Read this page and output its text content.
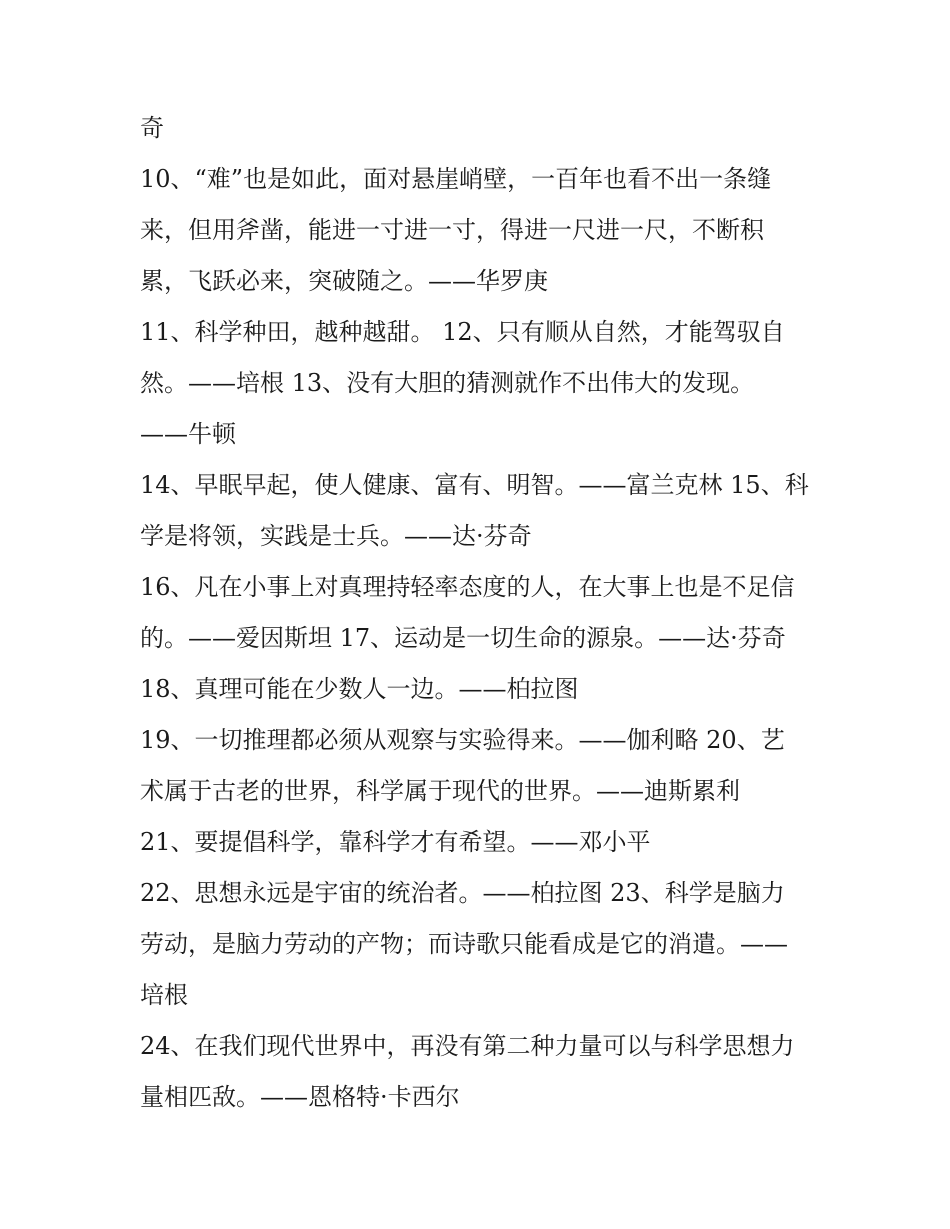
奇
10、“难”也是如此，面对悬崖峭壁，一百年也看不出一条缝
来，但用斧凿，能进一寸进一寸，得进一尺进一尺，不断积
累，飞跃必来，突破随之。——华罗庚
11、科学种田，越种越甜。 12、只有顺从自然，才能驾驭自
然。——培根 13、没有大胆的猜测就作不出伟大的发现。
——牛顿
14、早眠早起，使人健康、富有、明智。——富兰克林 15、科
学是将领，实践是士兵。——达·芬奇
16、凡在小事上对真理持轻率态度的人，在大事上也是不足信
的。——爱因斯坦 17、运动是一切生命的源泉。——达·芬奇
18、真理可能在少数人一边。——柏拉图
19、一切推理都必须从观察与实验得来。——伽利略 20、艺
术属于古老的世界，科学属于现代的世界。——迪斯累利
21、要提倡科学，靠科学才有希望。——邓小平
22、思想永远是宇宙的统治者。——柏拉图 23、科学是脑力
劳动，是脑力劳动的产物；而诗歌只能看成是它的消遣。——
培根
24、在我们现代世界中，再没有第二种力量可以与科学思想力
量相匹敌。——恩格特·卡西尔
